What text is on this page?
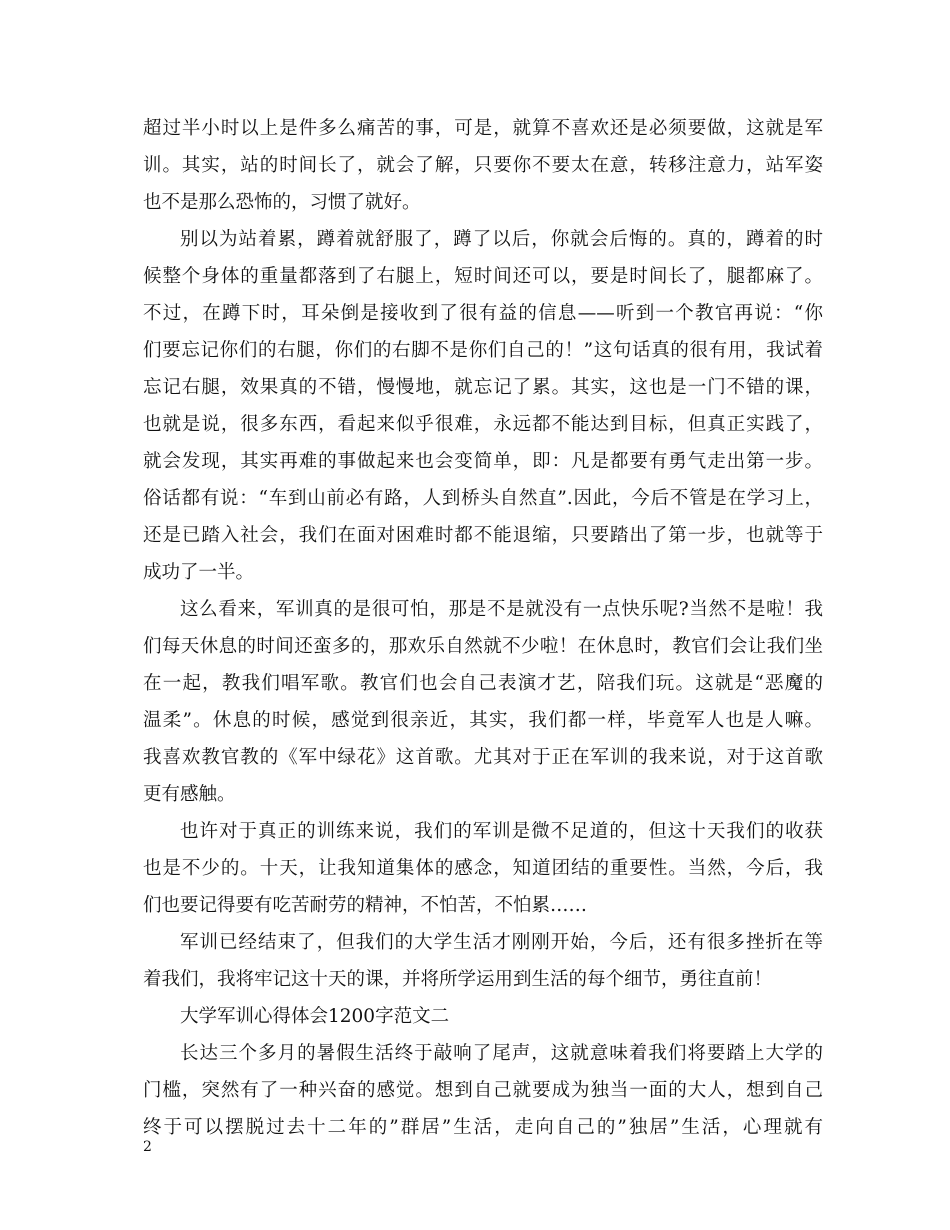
超过半小时以上是件多么痛苦的事，可是，就算不喜欢还是必须要做，这就是军
训。其实，站的时间长了，就会了解，只要你不要太在意，转移注意力，站军姿
也不是那么恐怖的，习惯了就好。
别以为站着累，蹲着就舒服了，蹲了以后，你就会后悔的。真的，蹲着的时
候整个身体的重量都落到了右腿上，短时间还可以，要是时间长了，腿都麻了。
不过，在蹲下时，耳朵倒是接收到了很有益的信息——听到一个教官再说：“你
们要忘记你们的右腿，你们的右脚不是你们自己的！”这句话真的很有用，我试着
忘记右腿，效果真的不错，慢慢地，就忘记了累。其实，这也是一门不错的课，
也就是说，很多东西，看起来似乎很难，永远都不能达到目标，但真正实践了，
就会发现，其实再难的事做起来也会变简单，即：凡是都要有勇气走出第一步。
俗话都有说：“车到山前必有路，人到桥头自然直”.因此，今后不管是在学习上，
还是已踏入社会，我们在面对困难时都不能退缩，只要踏出了第一步，也就等于
成功了一半。
这么看来，军训真的是很可怕，那是不是就没有一点快乐呢?当然不是啦！我
们每天休息的时间还蛮多的，那欢乐自然就不少啦！在休息时，教官们会让我们坐
在一起，教我们唱军歌。教官们也会自己表演才艺，陪我们玩。这就是“恶魔的
温柔”。休息的时候，感觉到很亲近，其实，我们都一样，毕竟军人也是人嘛。
我喜欢教官教的《军中绿花》这首歌。尤其对于正在军训的我来说，对于这首歌
更有感触。
也许对于真正的训练来说，我们的军训是微不足道的，但这十天我们的收获
也是不少的。十天，让我知道集体的感念，知道团结的重要性。当然，今后，我
们也要记得要有吃苦耐劳的精神，不怕苦，不怕累……
军训已经结束了，但我们的大学生活才刚刚开始，今后，还有很多挫折在等
着我们，我将牢记这十天的课，并将所学运用到生活的每个细节，勇往直前！
大学军训心得体会1200字范文二
长达三个多月的暑假生活终于敲响了尾声，这就意味着我们将要踏上大学的
门槛，突然有了一种兴奋的感觉。想到自己就要成为独当一面的大人，想到自己
终于可以摆脱过去十二年的”群居”生活，走向自己的”独居”生活，心理就有
2
